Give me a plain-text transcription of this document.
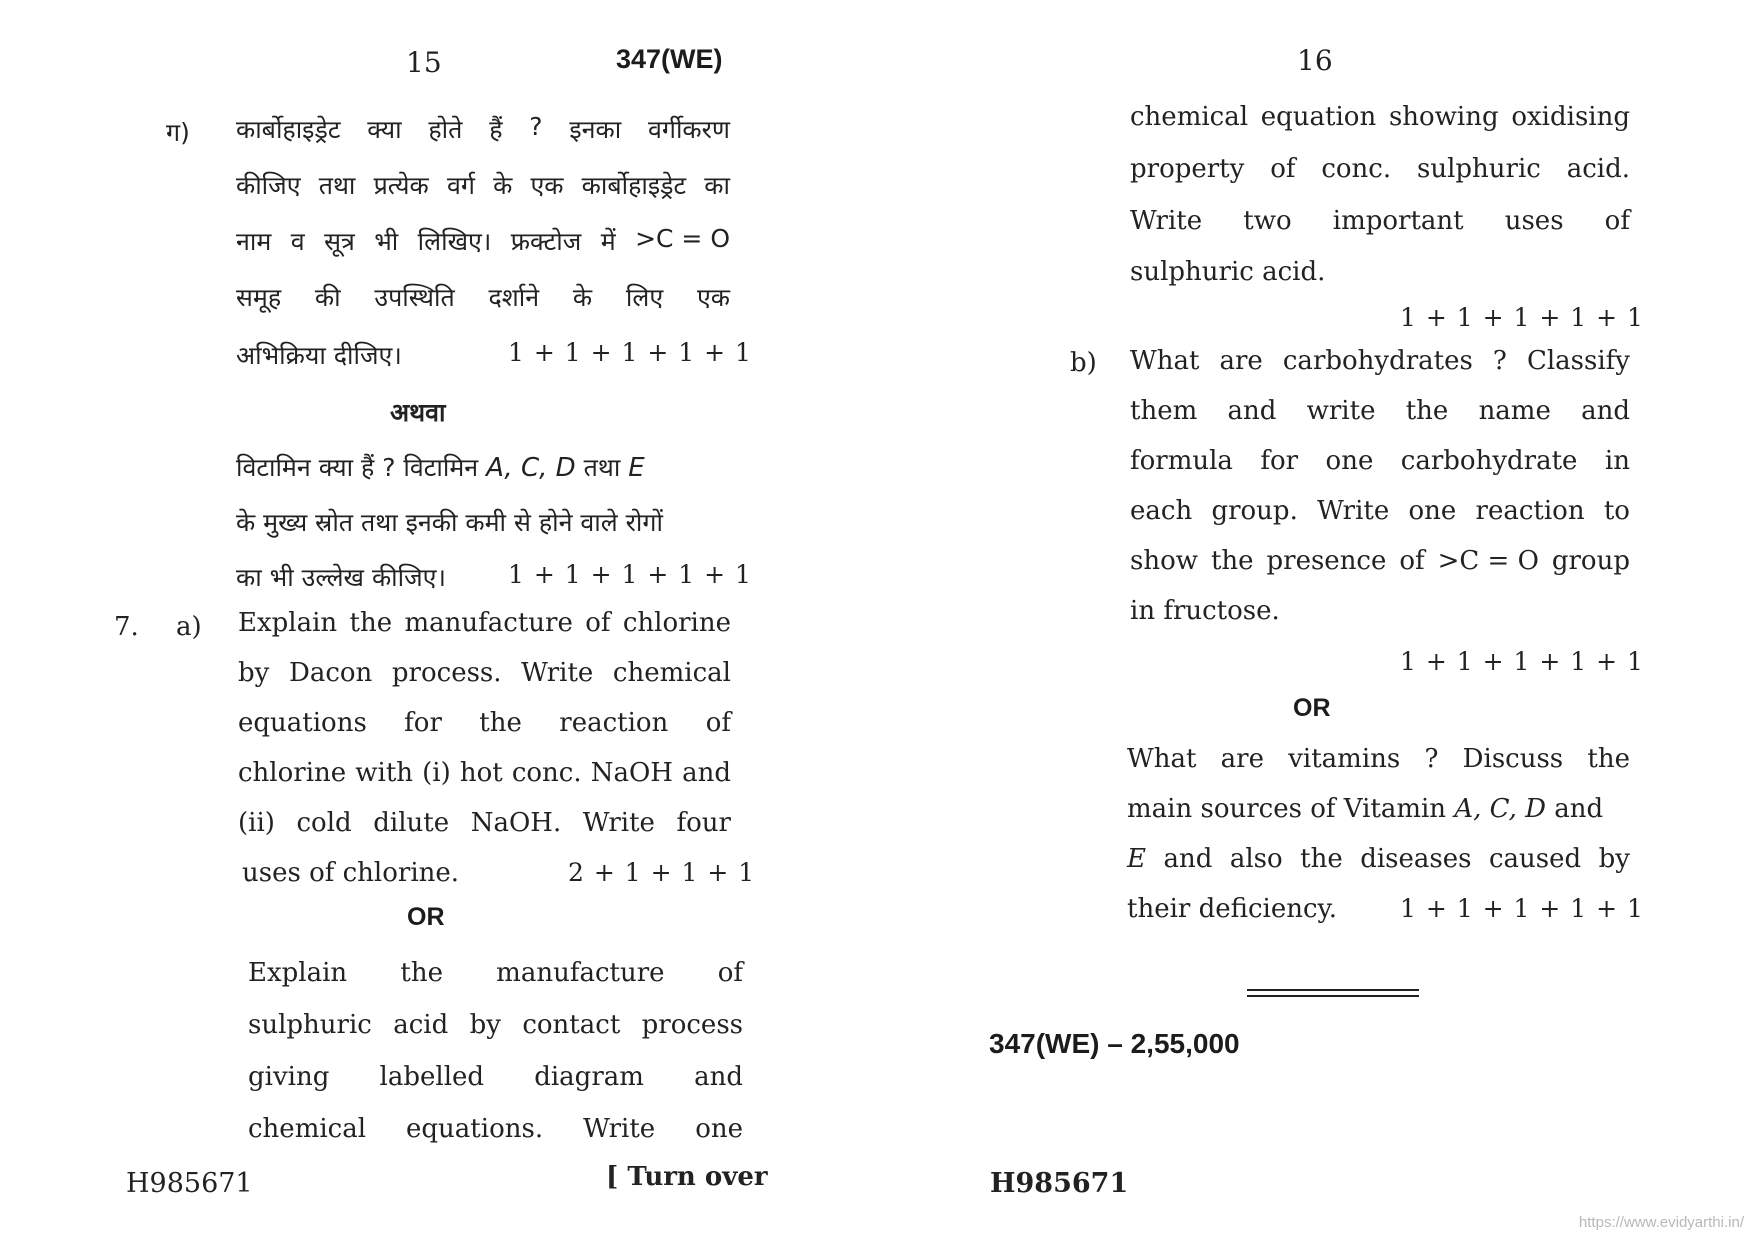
15	347(WE)
ग) कार्बोहाइड्रेट क्या होते हैं ? इनका वर्गीकरण
कीजिए तथा प्रत्येक वर्ग के एक कार्बोहाइड्रेट का
नाम व सूत्र भी लिखिए। फ्रक्टोज में >C = O
समूह की उपस्थिति दर्शाने के लिए एक
अभिक्रिया दीजिए।	1 + 1 + 1 + 1 + 1
अथवा
विटामिन क्या हैं ? विटामिन A, C, D तथा E
के मुख्य स्रोत तथा इनकी कमी से होने वाले रोगों
का भी उल्लेख कीजिए। 1 + 1 + 1 + 1 + 1
7. a) Explain the manufacture of chlorine
by Dacon process. Write chemical
equations for the reaction of
chlorine with (i) hot conc. NaOH and
(ii) cold dilute NaOH. Write four
uses of chlorine.	2 + 1 + 1 + 1
OR
Explain the manufacture of
sulphuric acid by contact process
giving labelled diagram and
chemical equations. Write one
H985671	[ Turn over
16
chemical equation showing oxidising
property of conc. sulphuric acid.
Write two important uses of
sulphuric acid.
1 + 1 + 1 + 1 + 1
b) What are carbohydrates ? Classify
them and write the name and
formula for one carbohydrate in
each group. Write one reaction to
show the presence of >C = O group
in fructose.
1 + 1 + 1 + 1 + 1
OR
What are vitamins ? Discuss the
main sources of Vitamin A, C, D and
E and also the diseases caused by
their deficiency.	1 + 1 + 1 + 1 + 1
347(WE) – 2,55,000
H985671
https://www.evidyarthi.in/
